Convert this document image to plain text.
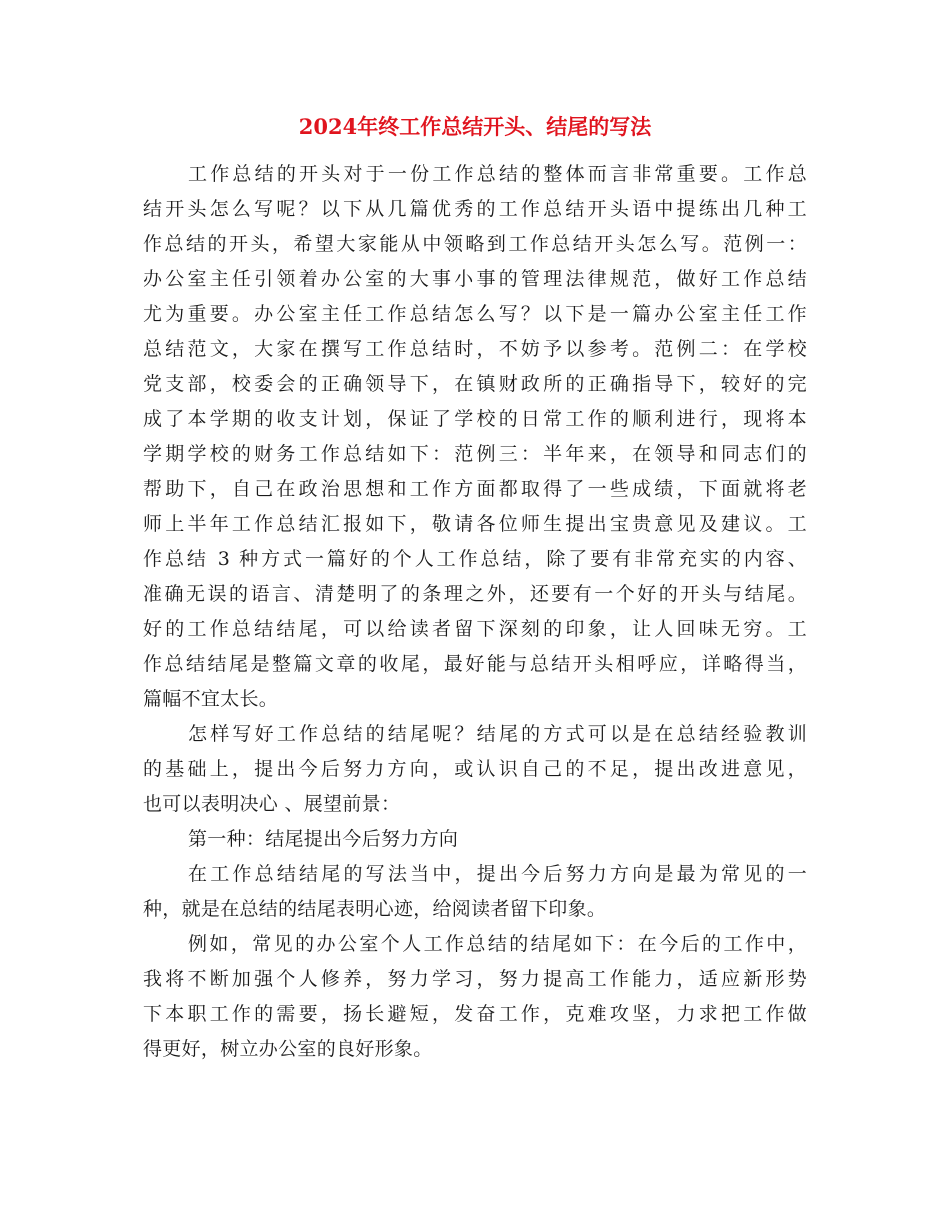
2024年终工作总结开头、结尾的写法
工作总结的开头对于一份工作总结的整体而言非常重要。工作总
结开头怎么写呢？以下从几篇优秀的工作总结开头语中提练出几种工
作总结的开头，希望大家能从中领略到工作总结开头怎么写。范例一：
办公室主任引领着办公室的大事小事的管理法律规范，做好工作总结
尤为重要。办公室主任工作总结怎么写？以下是一篇办公室主任工作
总结范文，大家在撰写工作总结时，不妨予以参考。范例二：在学校
党支部，校委会的正确领导下，在镇财政所的正确指导下，较好的完
成了本学期的收支计划，保证了学校的日常工作的顺利进行，现将本
学期学校的财务工作总结如下：范例三：半年来，在领导和同志们的
帮助下，自己在政治思想和工作方面都取得了一些成绩，下面就将老
师上半年工作总结汇报如下，敬请各位师生提出宝贵意见及建议。工
作总结 3 种方式一篇好的个人工作总结，除了要有非常充实的内容、
准确无误的语言、清楚明了的条理之外，还要有一个好的开头与结尾。
好的工作总结结尾，可以给读者留下深刻的印象，让人回味无穷。工
作总结结尾是整篇文章的收尾，最好能与总结开头相呼应，详略得当，
篇幅不宜太长。
怎样写好工作总结的结尾呢？结尾的方式可以是在总结经验教训
的基础上，提出今后努力方向，或认识自己的不足，提出改进意见，
也可以表明决心 、展望前景：
第一种：结尾提出今后努力方向
在工作总结结尾的写法当中，提出今后努力方向是最为常见的一
种，就是在总结的结尾表明心迹，给阅读者留下印象。
例如，常见的办公室个人工作总结的结尾如下：在今后的工作中，
我将不断加强个人修养，努力学习，努力提高工作能力，适应新形势
下本职工作的需要，扬长避短，发奋工作，克难攻坚，力求把工作做
得更好，树立办公室的良好形象。
